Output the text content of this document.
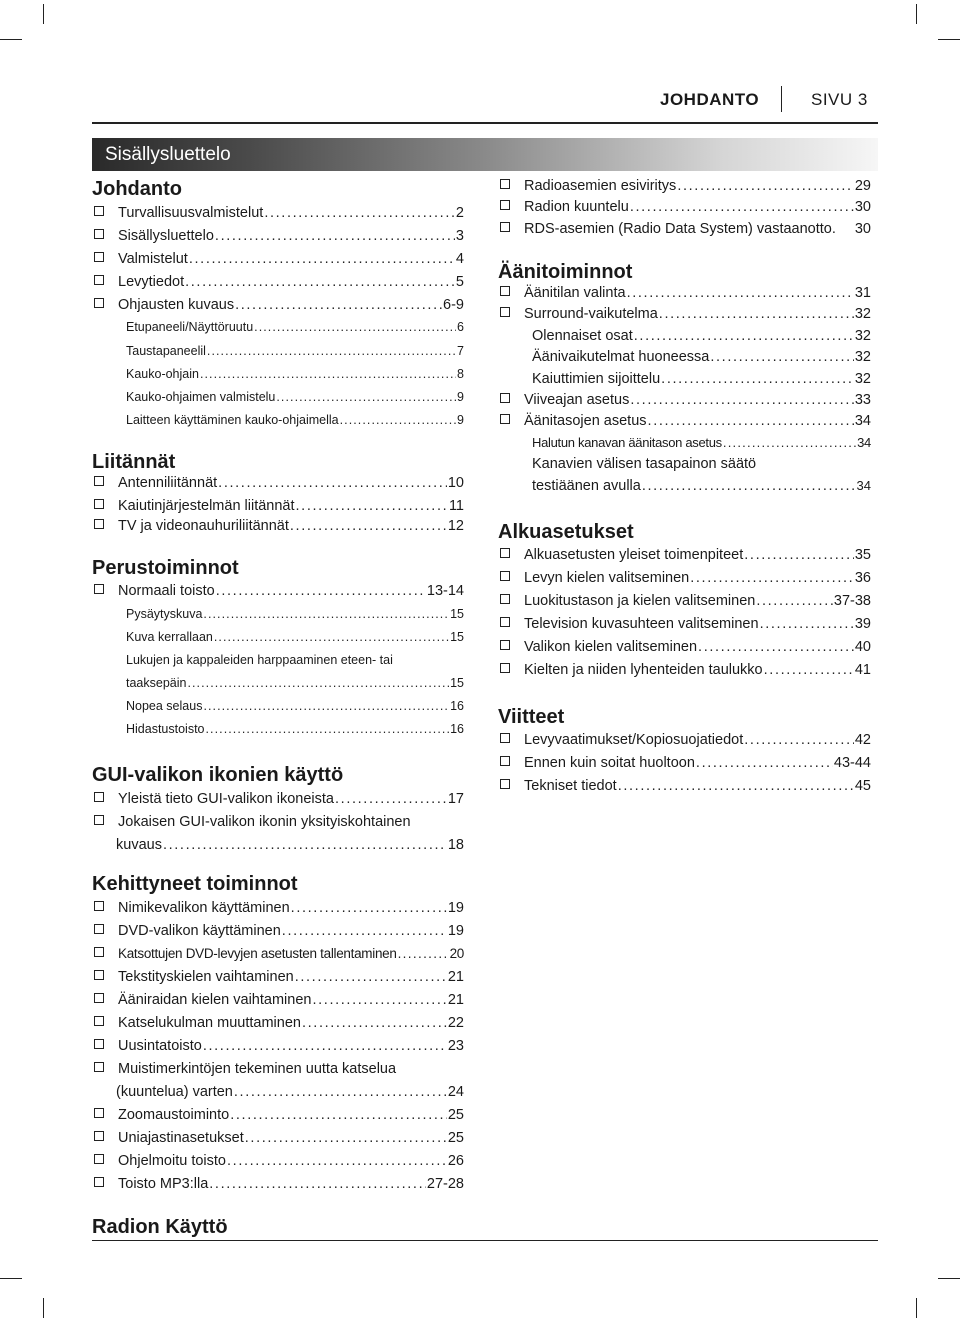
JOHDANTO	SIVU 3
Sisällysluettelo
Johdanto
Turvallisuusvalmistelut . . .	2
Sisällysluettelo . . .	3
Valmistelut . . .	4
Levytiedot . . .	5
Ohjausten kuvaus . . .	6-9
Etupaneeli/Näyttöruutu . . .	6
Taustapaneelil . . .	7
Kauko-ohjain . . .	8
Kauko-ohjaimen valmistelu . . .	9
Laitteen käyttäminen kauko-ohjaimella . . .	9
Liitännät
Antenniliitännät . . .	10
Kaiutinjärjestelmän liitännät . . .	11
TV ja videonauhuriliitännät . . .	12
Perustoiminnot
Normaali toisto . . .	13-14
Pysäytyskuva . . .	15
Kuva kerrallaan . . .	15
Lukujen ja kappaleiden harppaaminen eteen- tai
taaksepäin . . .	15
Nopea selaus . . .	16
Hidastustoisto . . .	16
GUI-valikon ikonien käyttö
Yleistä tieto GUI-valikon ikoneista . . .	17
Jokaisen GUI-valikon ikonin yksityiskohtainen
kuvaus . . .	18
Kehittyneet toiminnot
Nimikevalikon käyttäminen . . .	19
DVD-valikon käyttäminen . . .	19
Katsottujen DVD-levyjen asetusten tallentaminen . . .	20
Tekstityskielen vaihtaminen . . .	21
Ääniraidan kielen vaihtaminen . . .	21
Katselukulman muuttaminen . . .	22
Uusintatoisto . . .	23
Muistimerkintöjen tekeminen uutta katselua
(kuuntelua) varten . . .	24
Zoomaustoiminto . . .	25
Uniajastinasetukset . . .	25
Ohjelmoitu toisto . . .	26
Toisto MP3:lla . . .	27-28
Radion Käyttö
Radioasemien esiviritys . . .	29
Radion kuuntelu . . .	30
RDS-asemien (Radio Data System) vastaanotto. 30
Äänitoiminnot
Äänitilan valinta . . .	31
Surround-vaikutelma . . .	32
Olennaiset osat . . .	32
Äänivaikutelmat huoneessa . . .	32
Kaiuttimien sijoittelu . . .	32
Viiveajan asetus . . .	33
Äänitasojen asetus . . .	34
Halutun kanavan äänitason asetus . . .	34
Kanavien välisen tasapainon säätö
testiäänen avulla . . .	34
Alkuasetukset
Alkuasetusten yleiset toimenpiteet . . .	35
Levyn kielen valitseminen . . .	36
Luokitustason ja kielen valitseminen . . .	37-38
Television kuvasuhteen valitseminen . . .	39
Valikon kielen valitseminen . . .	40
Kielten ja niiden lyhenteiden taulukko . . .	41
Viitteet
Levyvaatimukset/Kopiosuojatiedot . . .	42
Ennen kuin soitat huoltoon . . .	43-44
Tekniset tiedot . . .	45
